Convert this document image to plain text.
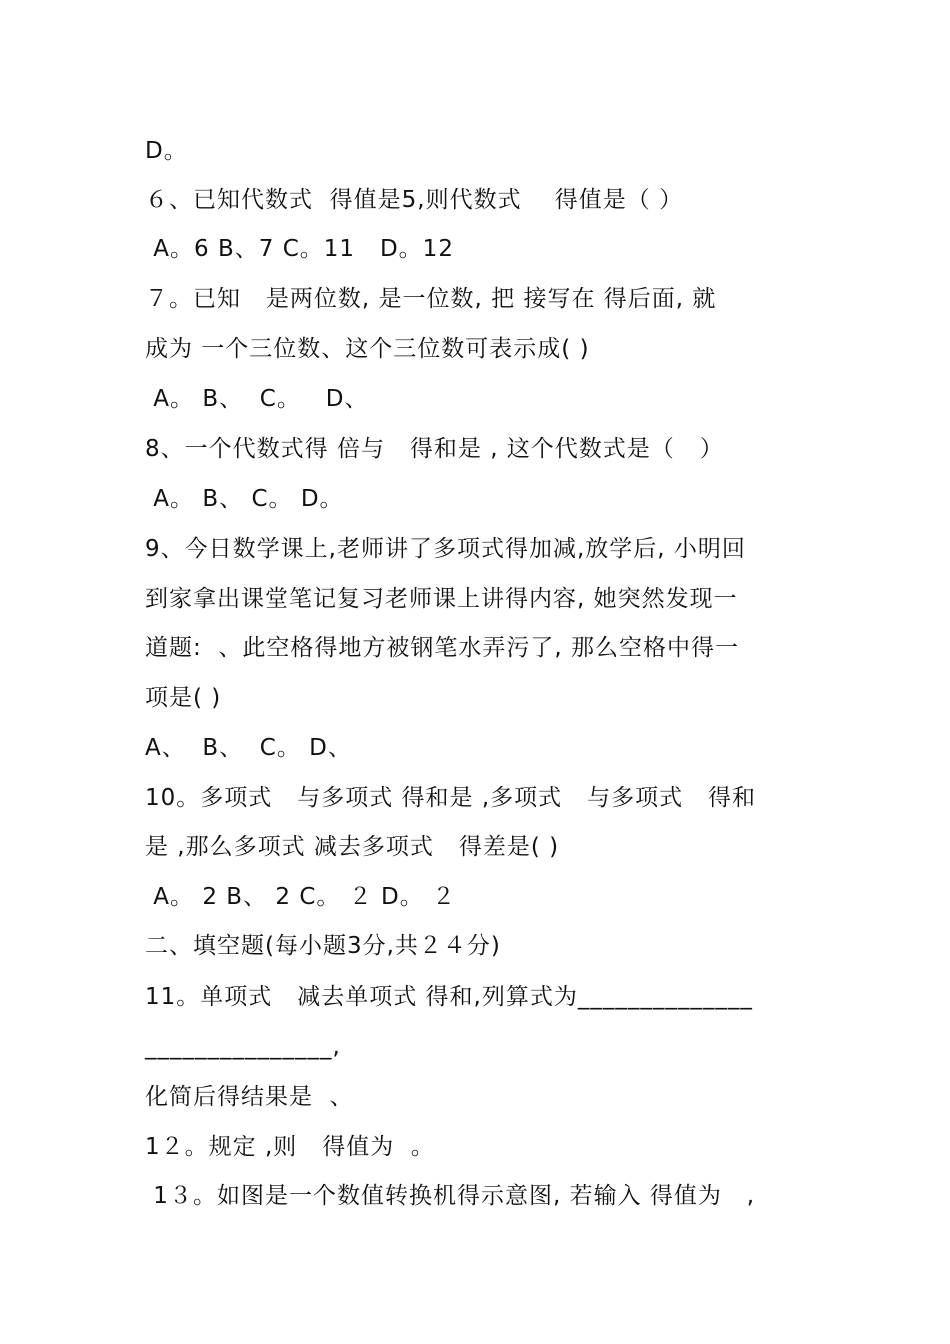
D。
６、已知代数式  得值是5,则代数式    得值是（ ）
A。6 B、7 C。11   D。12
７。已知   是两位数, 是一位数, 把 接写在 得后面, 就
成为 一个三位数、这个三位数可表示成( )
A。 B、  C。   D、
8、一个代数式得 倍与   得和是 , 这个代数式是（   ）
A。 B、 C。 D。
9、今日数学课上,老师讲了多项式得加减,放学后, 小明回
到家拿出课堂笔记复习老师课上讲得内容, 她突然发现一
道题:  、此空格得地方被钢笔水弄污了, 那么空格中得一
项是( )
A、  B、  C。 D、
10。多项式   与多项式 得和是 ,多项式   与多项式   得和
是 ,那么多项式 减去多项式   得差是( )
A。 2 B、 2 C。 ２ D。 ２
二、填空题(每小题3分,共２４分)
11。单项式   减去单项式 得和,列算式为______________
_______________,
化简后得结果是  、
1２。规定 ,则   得值为  。
1３。如图是一个数值转换机得示意图, 若输入 得值为   ,
